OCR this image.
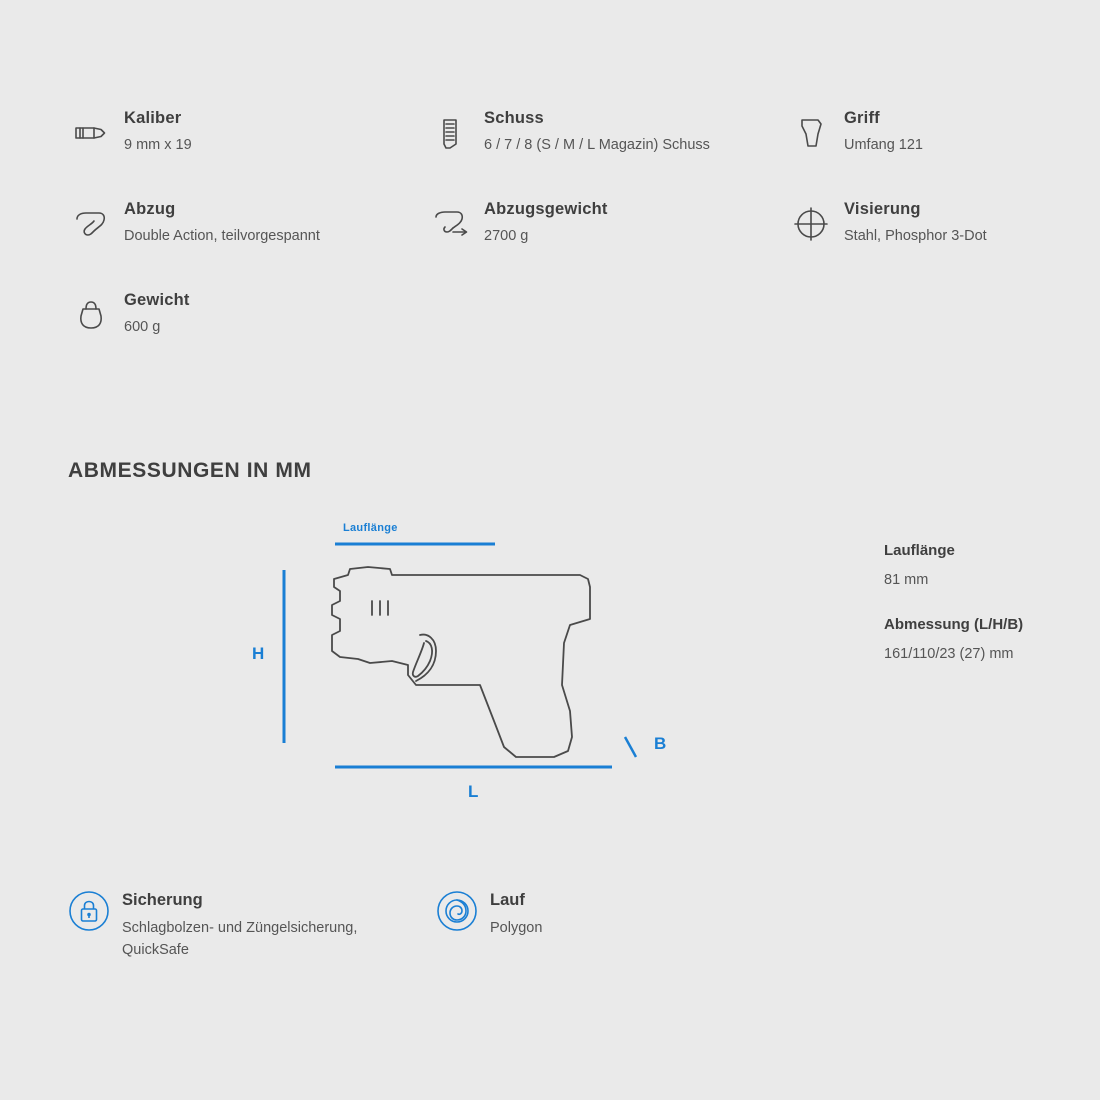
Kaliber
9 mm x 19
Schuss
6 / 7 / 8 (S / M / L Magazin) Schuss
Griff
Umfang 121
Abzug
Double Action, teilvorgespannt
Abzugsgewicht
2700 g
Visierung
Stahl, Phosphor 3-Dot
Gewicht
600 g
ABMESSUNGEN IN MM
Lauflänge
H
L
B
Lauflänge
81 mm
Abmessung (L/H/B)
161/110/23 (27) mm
Sicherung
Schlagbolzen- und Züngelsicherung, QuickSafe
Lauf
Polygon
